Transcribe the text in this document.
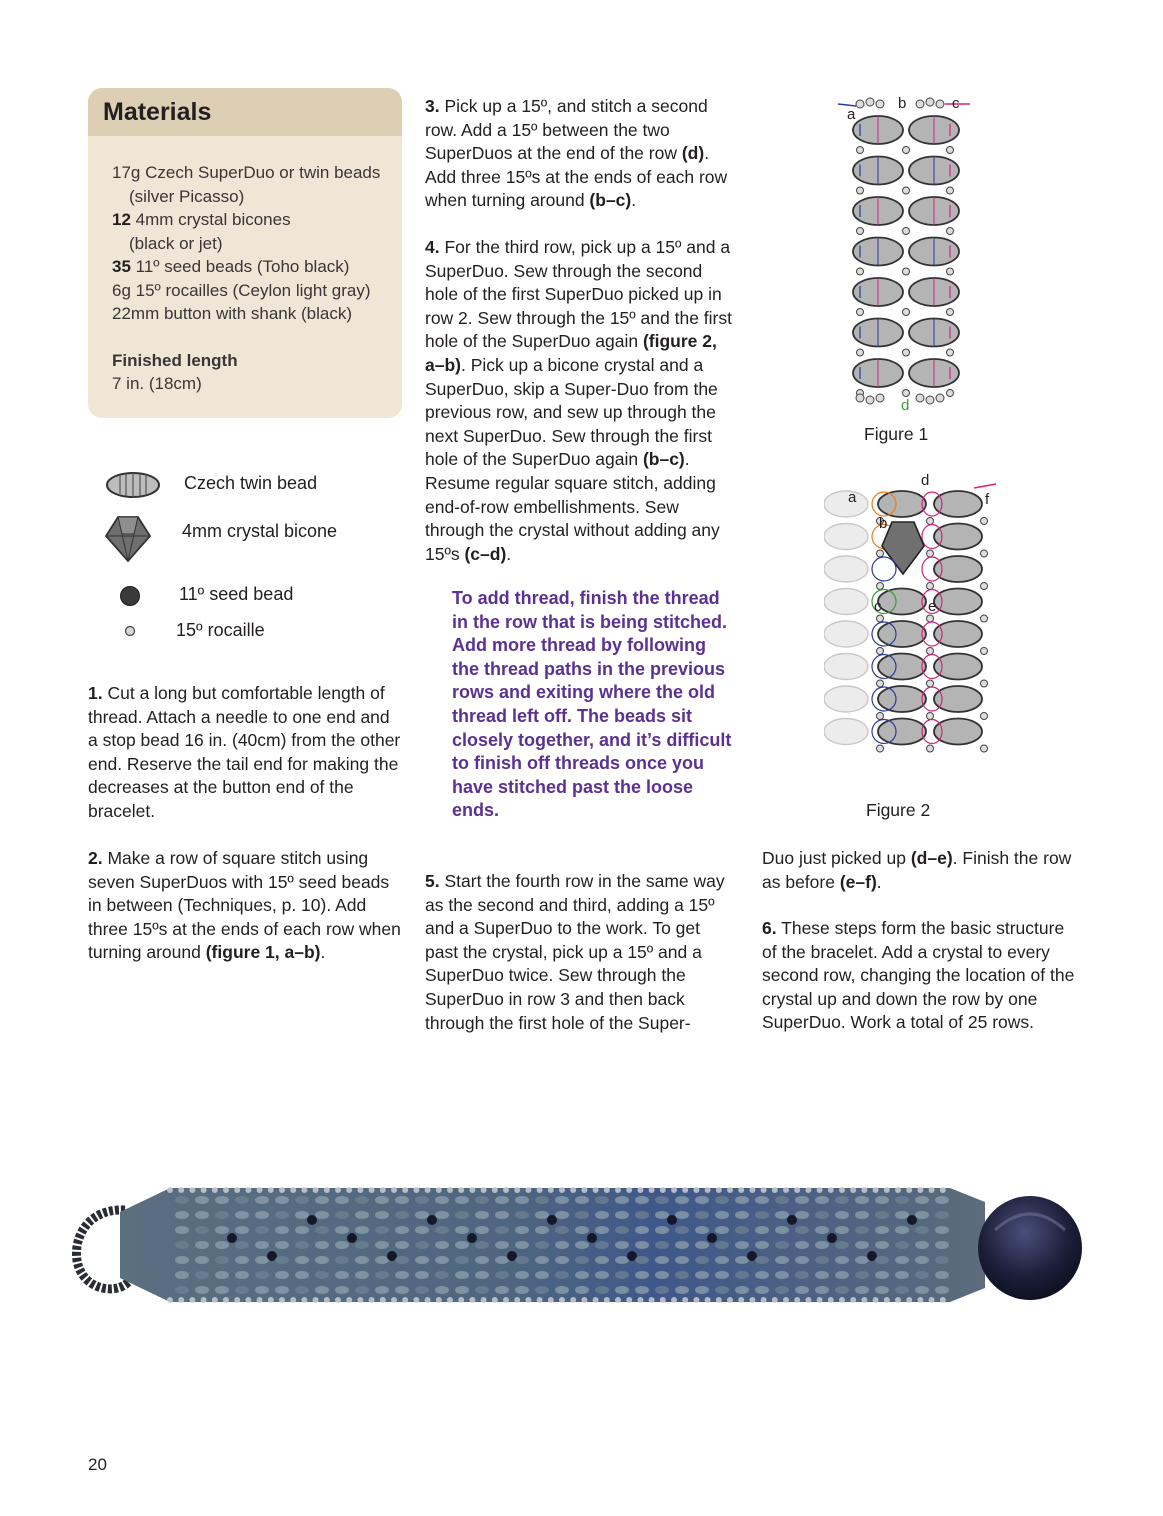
Materials
17g Czech SuperDuo or twin beads
(silver Picasso)
12 4mm crystal bicones
(black or jet)
35 11º seed beads (Toho black)
6g 15º rocailles (Ceylon light gray)
22mm button with shank (black)
Finished length
7 in. (18cm)
Czech twin bead
4mm crystal bicone
11º seed bead
15º rocaille

1. Cut a long but comfortable length of thread. Attach a needle to one end and a stop bead 16 in. (40cm) from the other end. Reserve the tail end for making the decreases at the button end of the bracelet.

2. Make a row of square stitch using seven SuperDuos with 15º seed beads in between (Techniques, p. 10). Add three 15ºs at the ends of each row when turning around (figure 1, a–b).

3. Pick up a 15º, and stitch a second row. Add a 15º between the two SuperDuos at the end of the row (d). Add three 15ºs at the ends of each row when turning around (b–c).

4. For the third row, pick up a 15º and a SuperDuo. Sew through the second hole of the first SuperDuo picked up in row 2. Sew through the 15º and the first hole of the SuperDuo again (figure 2, a–b). Pick up a bicone crystal and a SuperDuo, skip a Super-Duo from the previous row, and sew up through the next SuperDuo. Sew through the first hole of the SuperDuo again (b–c). Resume regular square stitch, adding end-of-row embellishments. Sew through the crystal without adding any 15ºs (c–d).

To add thread, finish the thread in the row that is being stitched. Add more thread by following the thread paths in the previous rows and exiting where the old thread left off. The beads sit closely together, and it’s difficult to finish off threads once you have stitched past the loose ends.

5. Start the fourth row in the same way as the second and third, adding a 15º and a SuperDuo to the work. To get past the crystal, pick up a 15º and a SuperDuo twice. Sew through the SuperDuo in row 3 and then back through the first hole of the Super-

Duo just picked up (d–e). Finish the row as before (e–f).

6. These steps form the basic structure of the bracelet. Add a crystal to every second row, changing the location of the crystal up and down the row by one SuperDuo. Work a total of 25 rows.

a
b	c
d
Figure 1
a
b
c
d
e
f
Figure 2
20
